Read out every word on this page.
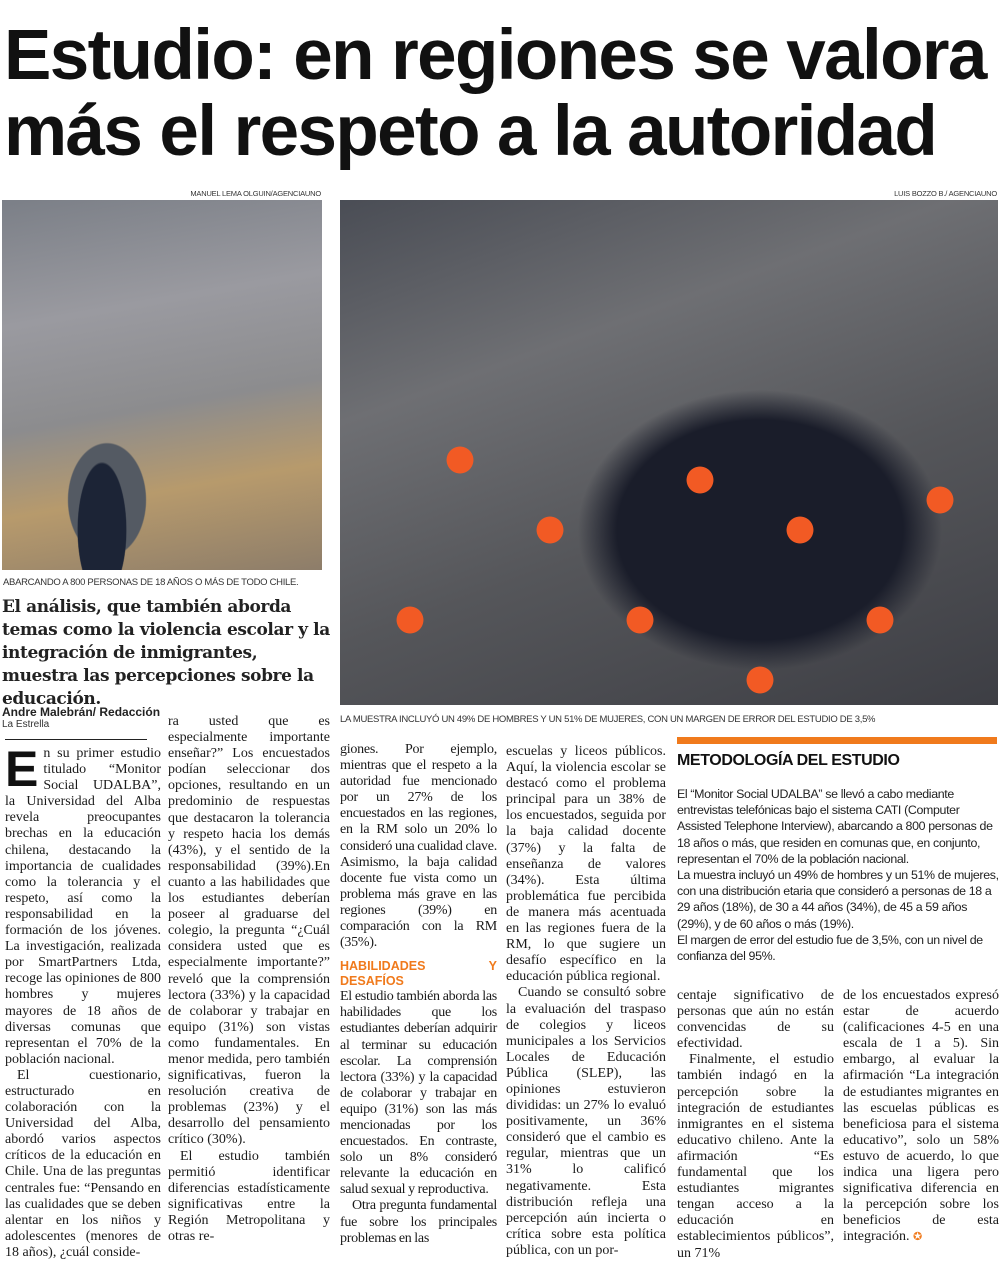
Estudio: en regiones se valora
más el respeto a la autoridad
MANUEL LEMA OLGUIN/AGENCIAUNO	LUIS BOZZO B./ AGENCIAUNO
ABARCANDO A 800 PERSONAS DE 18 AÑOS O MÁS DE TODO CHILE.
LA MUESTRA INCLUYÓ UN 49% DE HOMBRES Y UN 51% DE MUJERES, CON UN MARGEN DE ERROR DEL ESTUDIO DE 3,5%
El análisis, que también aborda temas como la violencia escolar y la integración de inmigrantes, muestra las percepciones sobre la educación.
Andre Malebrán/ Redacción
La Estrella

En su primer estudio titulado “Monitor Social UDALBA”, la Universidad del Alba revela preocupantes brechas en la educación chilena, destacando la importancia de cualidades como la tolerancia y el respeto, así como la responsabilidad en la formación de los jóvenes. La investigación, realizada por SmartPartners Ltda, recoge las opiniones de 800 hombres y mujeres mayores de 18 años de diversas comunas que representan el 70% de la población nacional.

El cuestionario, estructurado en colaboración con la Universidad del Alba, abordó varios aspectos críticos de la educación en Chile. Una de las preguntas centrales fue: “Pensando en las cualidades que se deben alentar en los niños y adolescentes (menores de 18 años), ¿cuál conside-

ra usted que es especialmente importante enseñar?” Los encuestados podían seleccionar dos opciones, resultando en un predominio de respuestas que destacaron la tolerancia y respeto hacia los demás (43%), y el sentido de la responsabilidad (39%).En cuanto a las habilidades que los estudiantes deberían poseer al graduarse del colegio, la pregunta “¿Cuál considera usted que es especialmente importante?” reveló que la comprensión lectora (33%) y la capacidad de colaborar y trabajar en equipo (31%) son vistas como fundamentales. En menor medida, pero también significativas, fueron la resolución creativa de problemas (23%) y el desarrollo del pensamiento crítico (30%).

El estudio también permitió identificar diferencias estadísticamente significativas entre la Región Metropolitana y otras re-

giones. Por ejemplo, mientras que el respeto a la autoridad fue mencionado por un 27% de los encuestados en las regiones, en la RM solo un 20% lo consideró una cualidad clave. Asimismo, la baja calidad docente fue vista como un problema más grave en las regiones (39%) en comparación con la RM (35%).

HABILIDADES Y DESAFÍOS

El estudio también aborda las habilidades que los estudiantes deberían adquirir al terminar su educación escolar. La comprensión lectora (33%) y la capacidad de colaborar y trabajar en equipo (31%) son las más mencionadas por los encuestados. En contraste, solo un 8% consideró relevante la educación en salud sexual y reproductiva.

Otra pregunta fundamental fue sobre los principales problemas en las

escuelas y liceos públicos. Aquí, la violencia escolar se destacó como el problema principal para un 38% de los encuestados, seguida por la baja calidad docente (37%) y la falta de enseñanza de valores (34%). Esta última problemática fue percibida de manera más acentuada en las regiones fuera de la RM, lo que sugiere un desafío específico en la educación pública regional.

Cuando se consultó sobre la evaluación del traspaso de colegios y liceos municipales a los Servicios Locales de Educación Pública (SLEP), las opiniones estuvieron divididas: un 27% lo evaluó positivamente, un 36% consideró que el cambio es regular, mientras que un 31% lo calificó negativamente. Esta distribución refleja una percepción aún incierta o crítica sobre esta política pública, con un por-

METODOLOGÍA DEL ESTUDIO

El “Monitor Social UDALBA” se llevó a cabo mediante entrevistas telefónicas bajo el sistema CATI (Computer Assisted Telephone Interview), abarcando a 800 personas de 18 años o más, que residen en comunas que, en conjunto, representan el 70% de la población nacional.

La muestra incluyó un 49% de hombres y un 51% de mujeres, con una distribución etaria que consideró a personas de 18 a 29 años (18%), de 30 a 44 años (34%), de 45 a 59 años (29%), y de 60 años o más (19%).

El margen de error del estudio fue de 3,5%, con un nivel de confianza del 95%.

centaje significativo de personas que aún no están convencidas de su efectividad.

Finalmente, el estudio también indagó en la percepción sobre la integración de estudiantes inmigrantes en el sistema educativo chileno. Ante la afirmación “Es fundamental que los estudiantes migrantes tengan acceso a la educación en establecimientos públicos”, un 71%

de los encuestados expresó estar de acuerdo (calificaciones 4-5 en una escala de 1 a 5). Sin embargo, al evaluar la afirmación “La integración de estudiantes migrantes en las escuelas públicas es beneficiosa para el sistema educativo”, solo un 58% estuvo de acuerdo, lo que indica una ligera pero significativa diferencia en la percepción sobre los beneficios de esta integración. ✪
